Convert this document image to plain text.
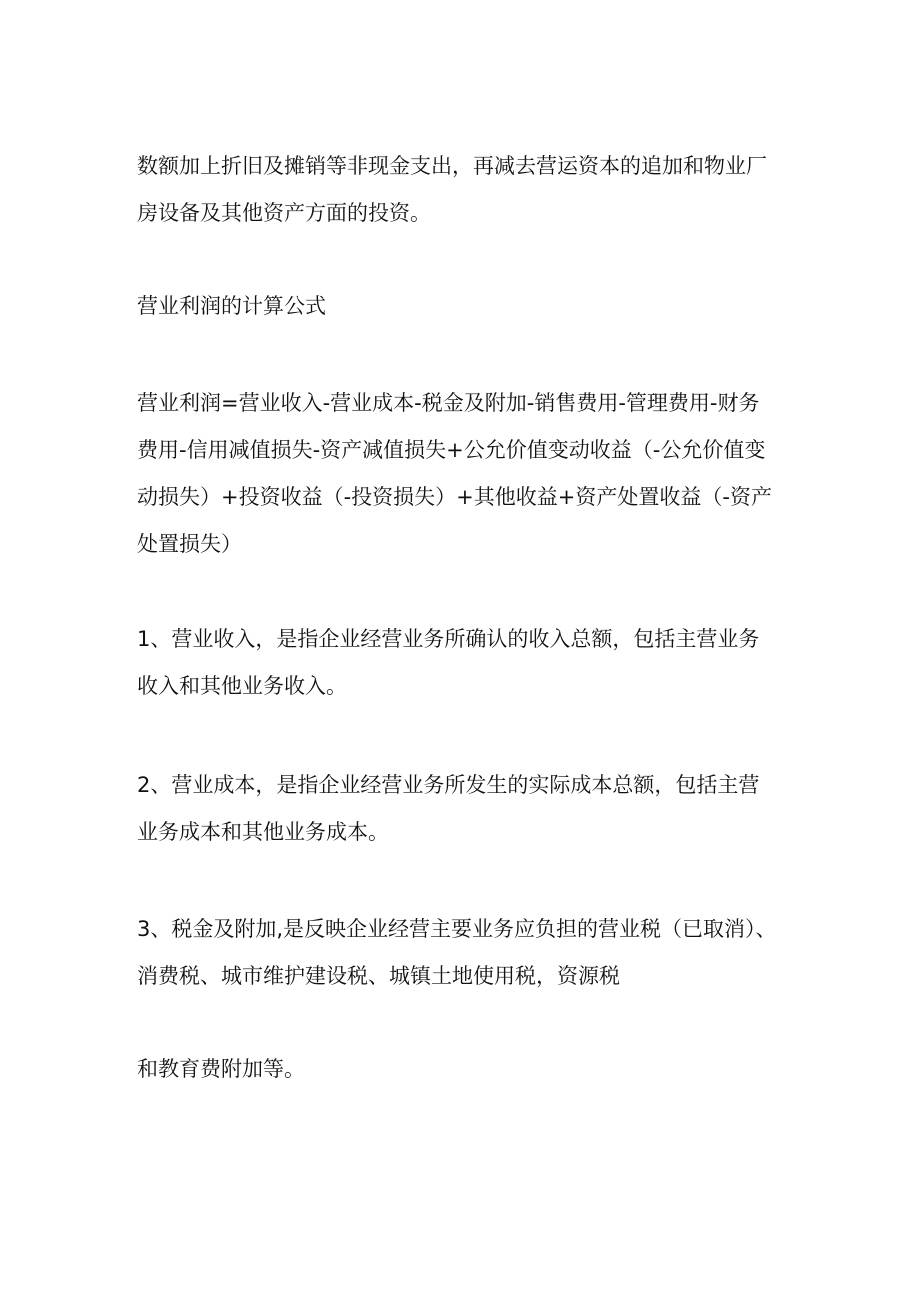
数额加上折旧及摊销等非现金支出，再减去营运资本的追加和物业厂
房设备及其他资产方面的投资。

营业利润的计算公式

营业利润=营业收入-营业成本-税金及附加-销售费用-管理费用-财务
费用-信用减值损失-资产减值损失+公允价值变动收益（-公允价值变
动损失）+投资收益（-投资损失）+其他收益+资产处置收益（-资产
处置损失）

1、营业收入，是指企业经营业务所确认的收入总额，包括主营业务
收入和其他业务收入。

2、营业成本，是指企业经营业务所发生的实际成本总额，包括主营
业务成本和其他业务成本。

3、税金及附加,是反映企业经营主要业务应负担的营业税（已取消）、
消费税、城市维护建设税、城镇土地使用税，资源税

和教育费附加等。
